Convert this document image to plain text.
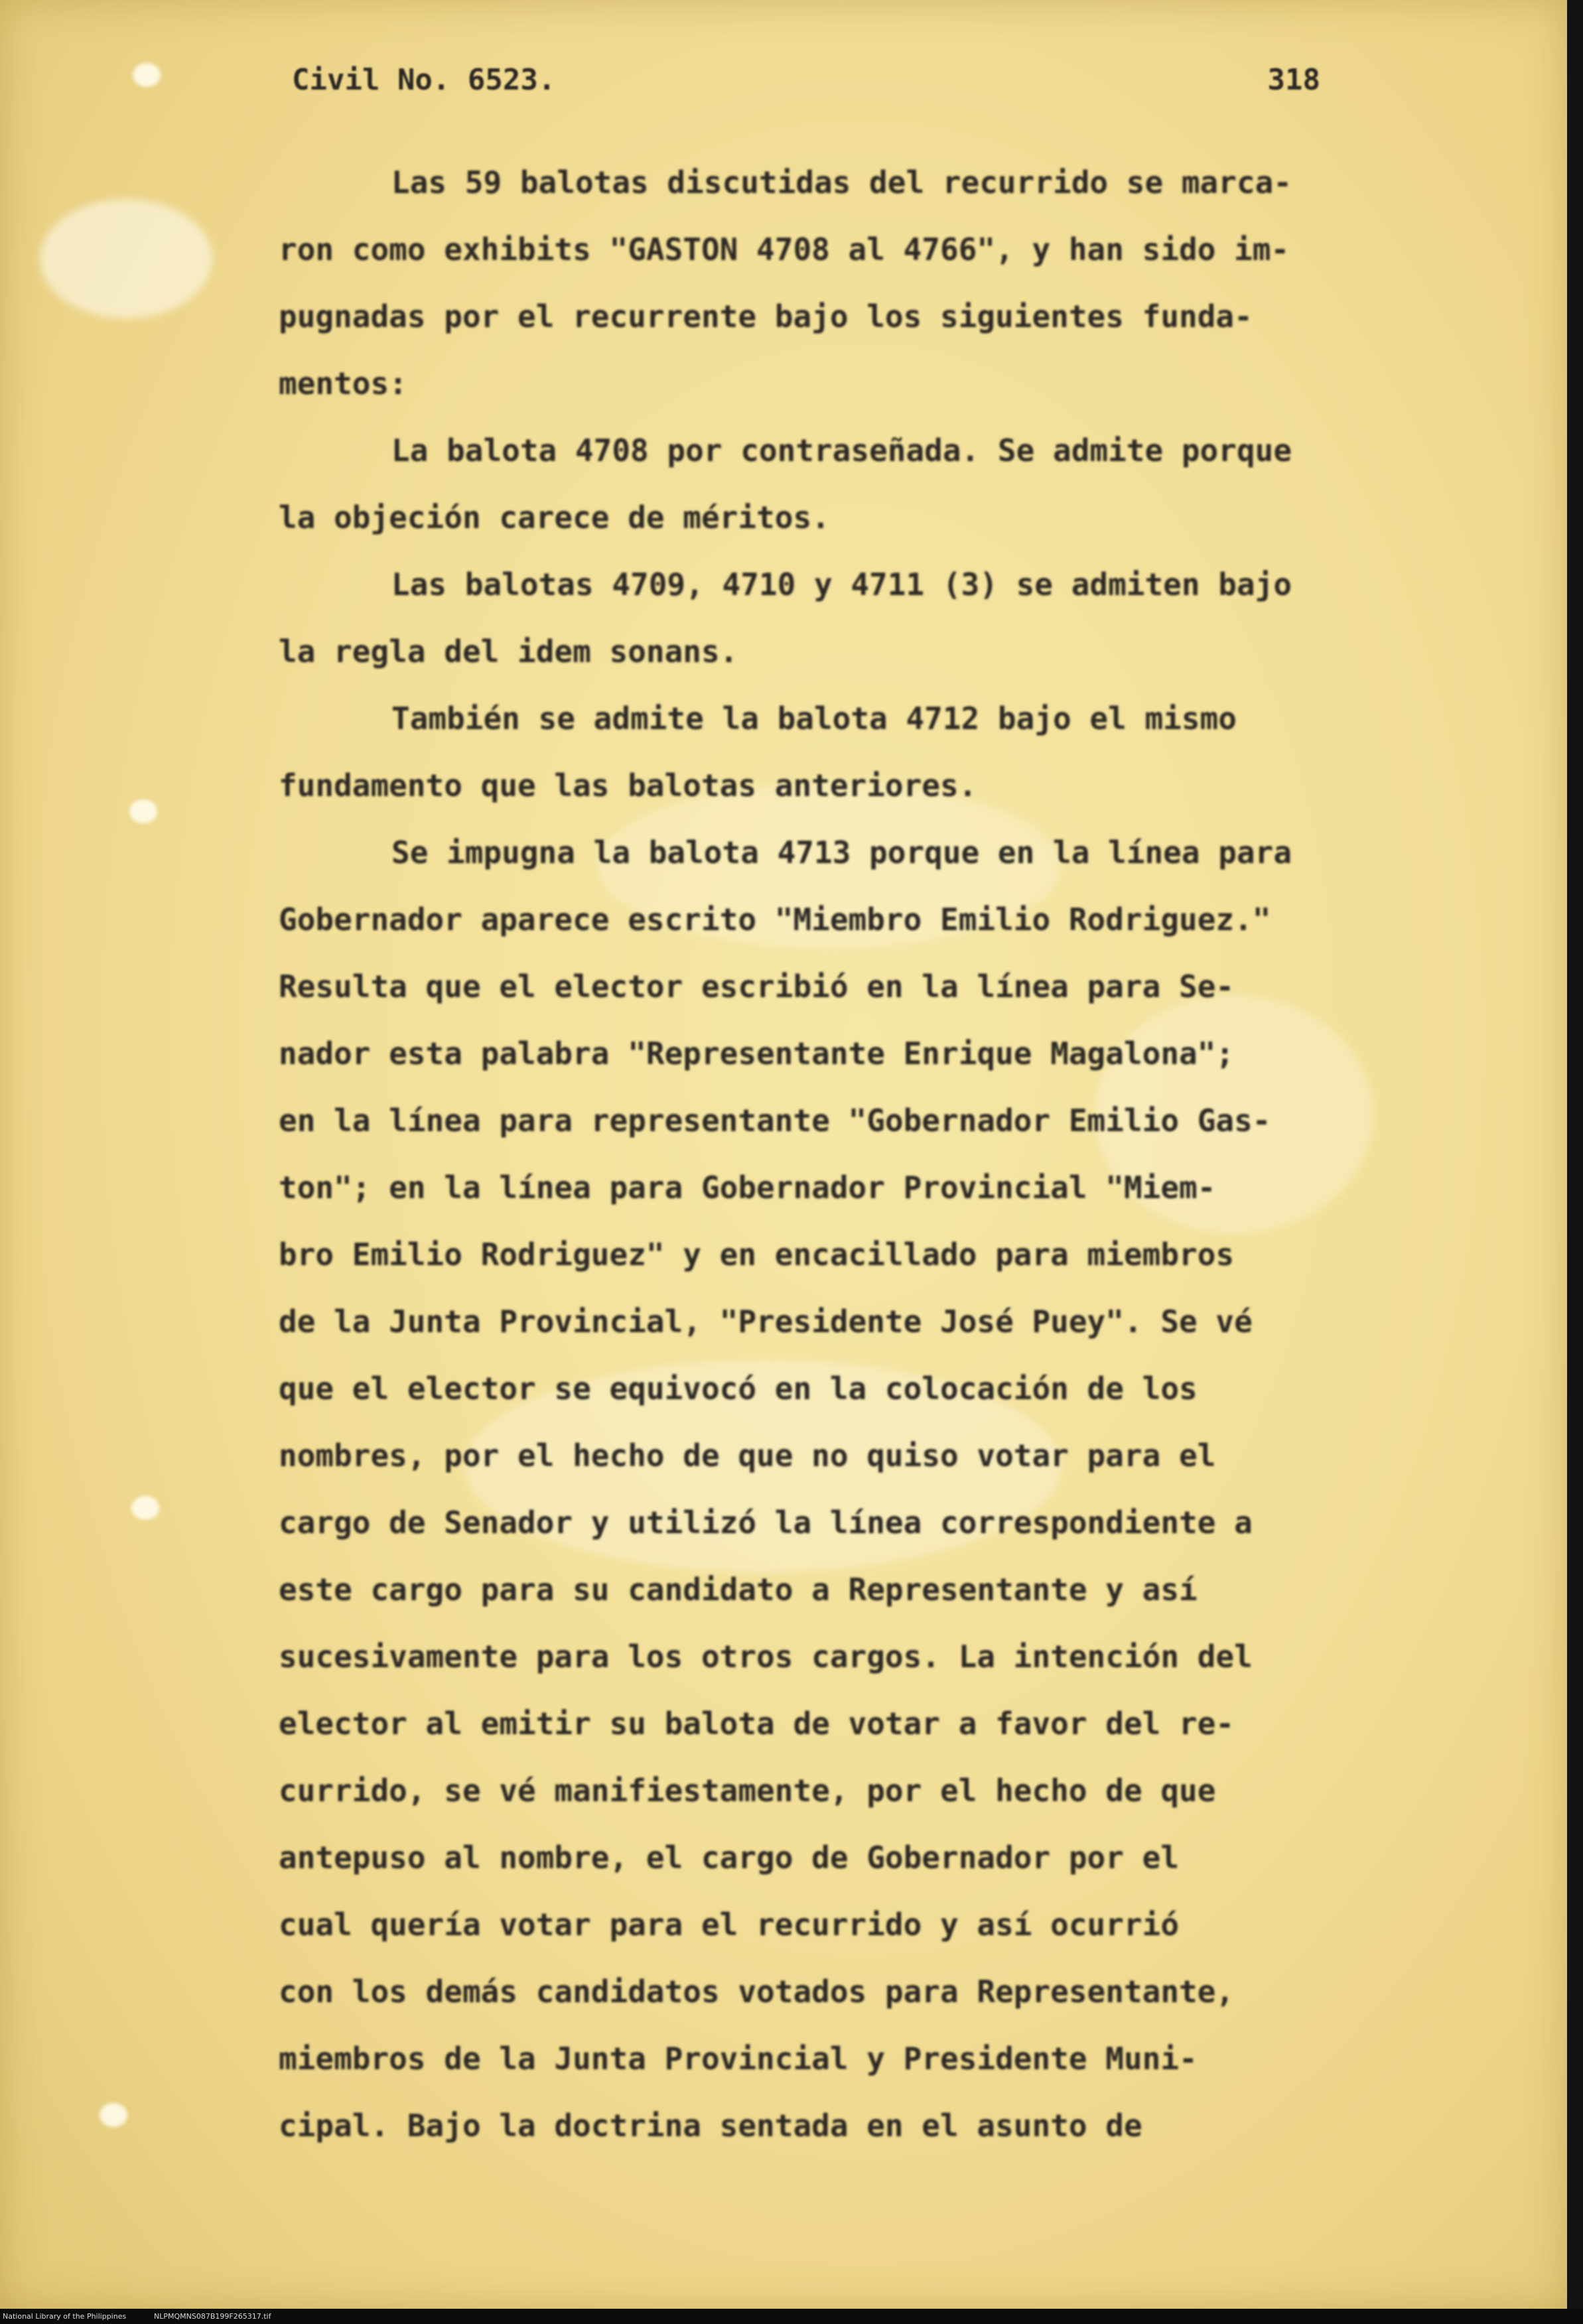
Civil No. 6523.	318
Las 59 balotas discutidas del recurrido se marca-
ron como exhibits "GASTON 4708 al 4766", y han sido im-
pugnadas por el recurrente bajo los siguientes funda-
mentos:
La balota 4708 por contraseñada. Se admite porque
la objeción carece de méritos.
Las balotas 4709, 4710 y 4711 (3) se admiten bajo
la regla del idem sonans.
También se admite la balota 4712 bajo el mismo
fundamento que las balotas anteriores.
Se impugna la balota 4713 porque en la línea para
Gobernador aparece escrito "Miembro Emilio Rodriguez."
Resulta que el elector escribió en la línea para Se-
nador esta palabra "Representante Enrique Magalona";
en la línea para representante "Gobernador Emilio Gas-
ton"; en la línea para Gobernador Provincial "Miem-
bro Emilio Rodriguez" y en encacillado para miembros
de la Junta Provincial, "Presidente José Puey". Se vé
que el elector se equivocó en la colocación de los
nombres, por el hecho de que no quiso votar para el
cargo de Senador y utilizó la línea correspondiente a
este cargo para su candidato a Representante y así
sucesivamente para los otros cargos. La intención del
elector al emitir su balota de votar a favor del re-
currido, se vé manifiestamente, por el hecho de que
antepuso al nombre, el cargo de Gobernador por el
cual quería votar para el recurrido y así ocurrió
con los demás candidatos votados para Representante,
miembros de la Junta Provincial y Presidente Muni-
cipal. Bajo la doctrina sentada en el asunto de
National Library of the Philippines	NLPMQMNS087B199F265317.tif
